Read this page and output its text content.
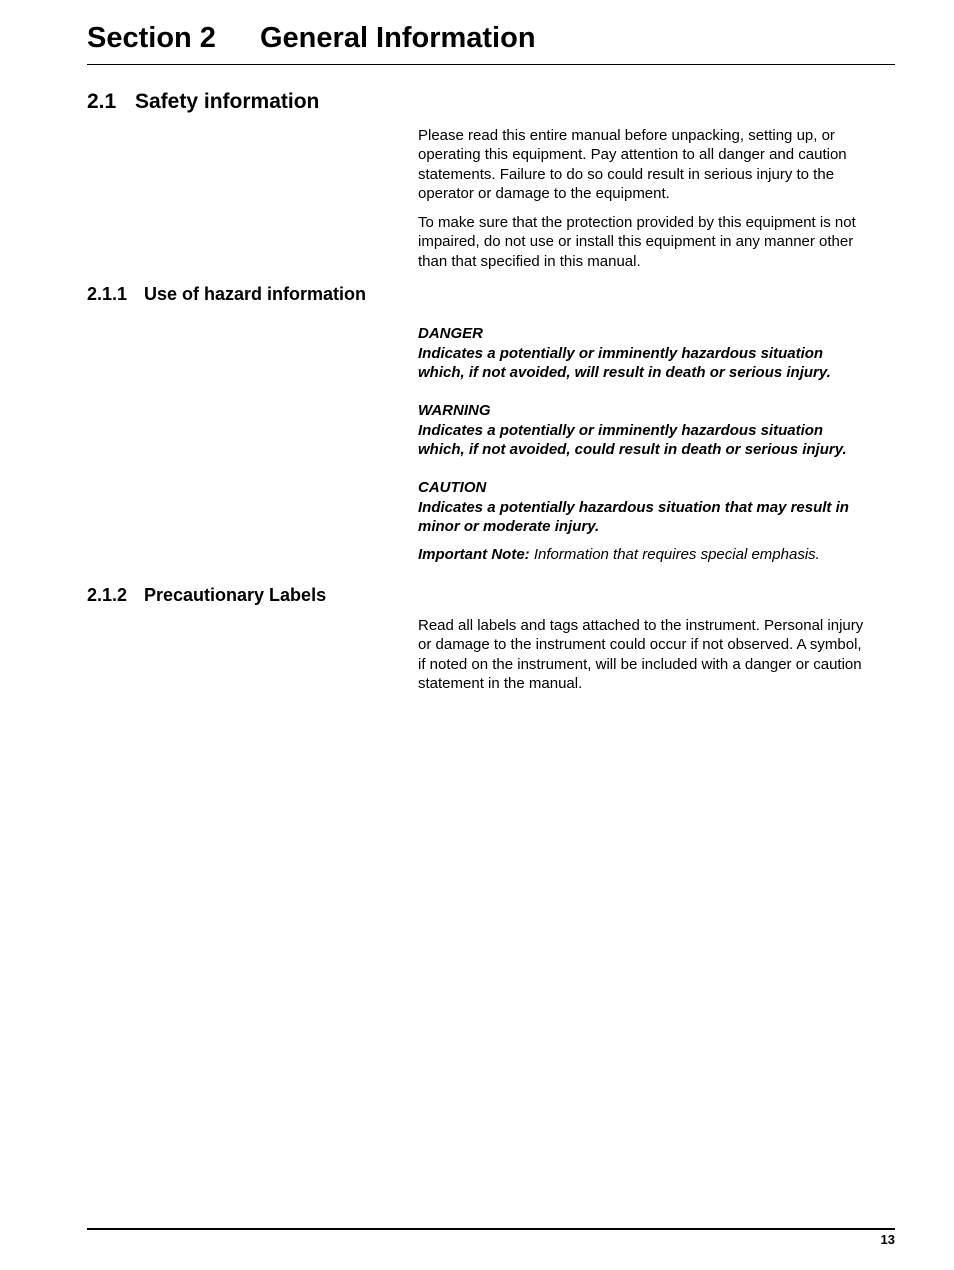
Section 2 General Information
2.1 Safety information
Please read this entire manual before unpacking, setting up, or
operating this equipment. Pay attention to all danger and caution
statements. Failure to do so could result in serious injury to the
operator or damage to the equipment.
To make sure that the protection provided by this equipment is not
impaired, do not use or install this equipment in any manner other
than that specified in this manual.
2.1.1 Use of hazard information
DANGER
Indicates a potentially or imminently hazardous situation
which, if not avoided, will result in death or serious injury.
WARNING
Indicates a potentially or imminently hazardous situation
which, if not avoided, could result in death or serious injury.
CAUTION
Indicates a potentially hazardous situation that may result in
minor or moderate injury.
Important Note: Information that requires special emphasis.
2.1.2 Precautionary Labels
Read all labels and tags attached to the instrument. Personal injury
or damage to the instrument could occur if not observed. A symbol,
if noted on the instrument, will be included with a danger or caution
statement in the manual.
13
